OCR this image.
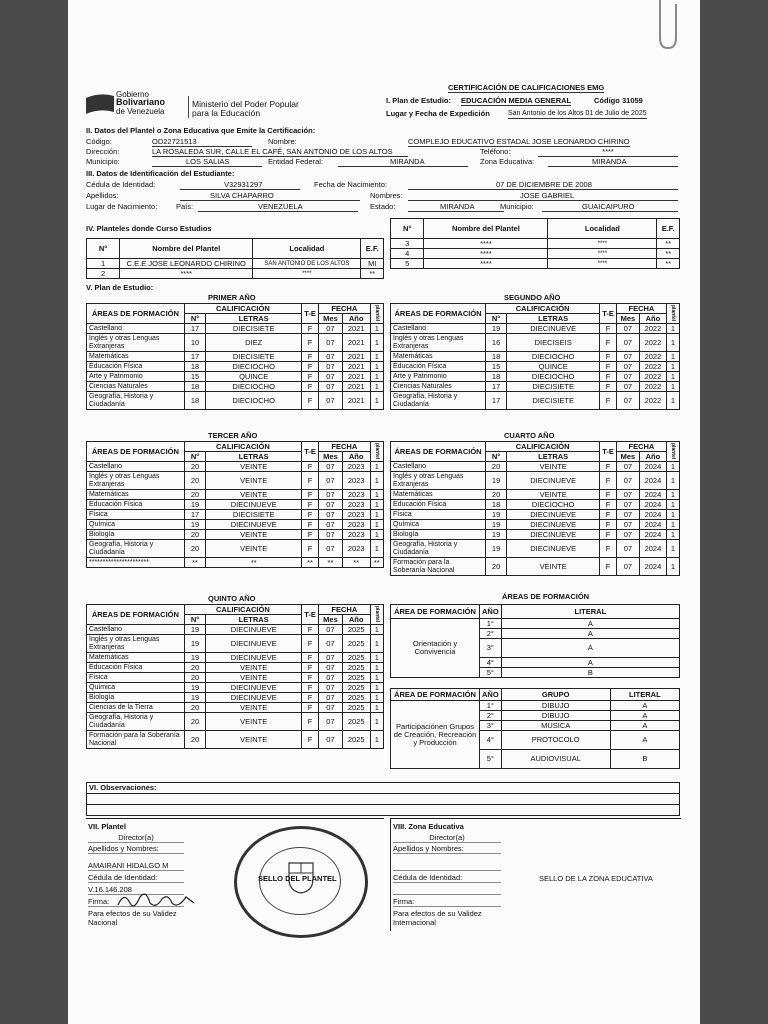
Gobierno
Bolivariano
de Venezuela
Ministerio del Poder Popular
para la Educación
CERTIFICACIÓN DE CALIFICACIONES EMG
I. Plan de Estudio: EDUCACIÓN MEDIA GENERAL	Código 31059
Lugar y Fecha de Expedición	San Antonio de los Altos 01 de Julio de 2025
II. Datos del Plantel o Zona Educativa que Emite la Certificación:
Código:	OD22721513	Nombre:	COMPLEJO EDUCATIVO ESTADAL JOSE LEONARDO CHIRINO
Dirección:	LA ROSALEDA SUR, CALLE EL CAFÉ, SAN ANTONIO DE LOS ALTOS	Teléfono:	****
Municipio:	LOS SALIAS	Entidad Federal:	MIRANDA	Zona Educativa:	MIRANDA
III. Datos de Identificación del Estudiante:
Cédula de Identidad:	V32931297	Fecha de Nacimiento:	07 DE DICIEMBRE DE 2008
Apellidos:	SILVA CHAPARRO	Nombres:	JOSE GABRIEL
Lugar de Nacimiento: País:	VENEZUELA	Estado:	MIRANDA	Municipio:	GUAICAIPURO
IV. Planteles donde Curso Estudios
N°	Nombre del Plantel	Localidad	E.F.
1	C.E.E JOSE LEONARDO CHIRINO	SAN ANTONIO DE LOS ALTOS	MI
2	****	****	**
N°	Nombre del Plantel	Localidad	E.F.
3	****	****	**
4	****	****	**
5	****	****	**
V. Plan de Estudio:
PRIMER AÑO	SEGUNDO AÑO
ÁREAS DE FORMACIÓN	CALIFICACIÓN		T-E	FECHA		plantel
	N°	LETRAS		Mes	Año	
Castellano	17	DIECISIETE	F	07	2021	1
Inglés y otras Lenguas Extranjeras	10	DIEZ	F	07	2021	1
Matemáticas	17	DIECISIETE	F	07	2021	1
Educación Física	18	DIECIOCHO	F	07	2021	1
Arte y Patrimonio	15	QUINCE	F	07	2021	1
Ciencias Naturales	18	DIECIOCHO	F	07	2021	1
Geografía, Historia y Ciudadanía	18	DIECIOCHO	F	07	2021	1
ÁREAS DE FORMACIÓN	CALIFICACIÓN		T-E	FECHA		plantel
	N°	LETRAS		Mes	Año	
Castellano	19	DIECINUEVE	F	07	2022	1
Inglés y otras Lenguas Extranjeras	16	DIECISEIS	F	07	2022	1
Matemáticas	18	DIECIOCHO	F	07	2022	1
Educación Física	15	QUINCE	F	07	2022	1
Arte y Patrimonio	18	DIECIOCHO	F	07	2022	1
Ciencias Naturales	17	DIECISIETE	F	07	2022	1
Geografía, Historia y Ciudadanía	17	DIECISIETE	F	07	2022	1
TERCER AÑO	CUARTO AÑO
ÁREAS DE FORMACIÓN	CALIFICACIÓN		T-E	FECHA		plantel
	N°	LETRAS		Mes	Año	
Castellano	20	VEINTE	F	07	2023	1
Inglés y otras Lenguas Extranjeras	20	VEINTE	F	07	2023	1
Matemáticas	20	VEINTE	F	07	2023	1
Educación Física	19	DIECINUEVE	F	07	2023	1
Física	17	DIECISIETE	F	07	2023	1
Química	19	DIECINUEVE	F	07	2023	1
Biología	20	VEINTE	F	07	2023	1
Geografía, Historia y Ciudadanía	20	VEINTE	F	07	2023	1
**********************	**	**	**	**	**	**
ÁREAS DE FORMACIÓN	CALIFICACIÓN		T-E	FECHA		plantel
	N°	LETRAS		Mes	Año	
Castellano	20	VEINTE	F	07	2024	1
Inglés y otras Lenguas Extranjeras	19	DIECINUEVE	F	07	2024	1
Matemáticas	20	VEINTE	F	07	2024	1
Educación Física	18	DIECIOCHO	F	07	2024	1
Física	19	DIECINUEVE	F	07	2024	1
Química	19	DIECINUEVE	F	07	2024	1
Biología	19	DIECINUEVE	F	07	2024	1
Geografía, Historia y Ciudadanía	19	DIECINUEVE	F	07	2024	1
Formación para la Soberanía Nacional	20	VEINTE	F	07	2024	1
QUINTO AÑO	ÁREAS DE FORMACIÓN
ÁREAS DE FORMACIÓN	CALIFICACIÓN		T-E	FECHA		plantel
	N°	LETRAS		Mes	Año	
Castellano	19	DIECINUEVE	F	07	2025	1
Inglés y otras Lenguas Extranjeras	19	DIECINUEVE	F	07	2025	1
Matemáticas	19	DIECINUEVE	F	07	2025	1
Educación Física	20	VEINTE	F	07	2025	1
Física	20	VEINTE	F	07	2025	1
Química	19	DIECINUEVE	F	07	2025	1
Biología	19	DIECINUEVE	F	07	2025	1
Ciencias de la Tierra	20	VEINTE	F	07	2025	1
Geografía, Historia y Ciudadanía	20	VEINTE	F	07	2025	1
Formación para la Soberanía Nacional	20	VEINTE	F	07	2025	1
ÁREA DE FORMACIÓN	AÑO	LITERAL
Orientación y Convivencia	1°	A
	2°	A
	3°	A
	4°	A
	5°	B
ÁREA DE FORMACIÓN	AÑO	GRUPO	LITERAL
Participaciónen Grupos de Creación, Recreación y Producción	1°	DIBUJO	A
	2°	DIBUJO	A
	3°	MUSICA	A
	4°	PROTOCOLO	A
	5°	AUDIOVISUAL	B
VI. Observaciones:

VII. Plantel
Director(a)
Apellidos y Nombres:
AMAIRANI HIDALGO M
Cédula de Identidad:
V.16.146.208
Firma:
Para efectos de su Validez Nacional
SELLO DEL PLANTEL
VIII. Zona Educativa
Director(a)
Apellidos y Nombres:
Cédula de Identidad:
Firma:
Para efectos de su Validez Internacional
SELLO DE LA ZONA EDUCATIVA
